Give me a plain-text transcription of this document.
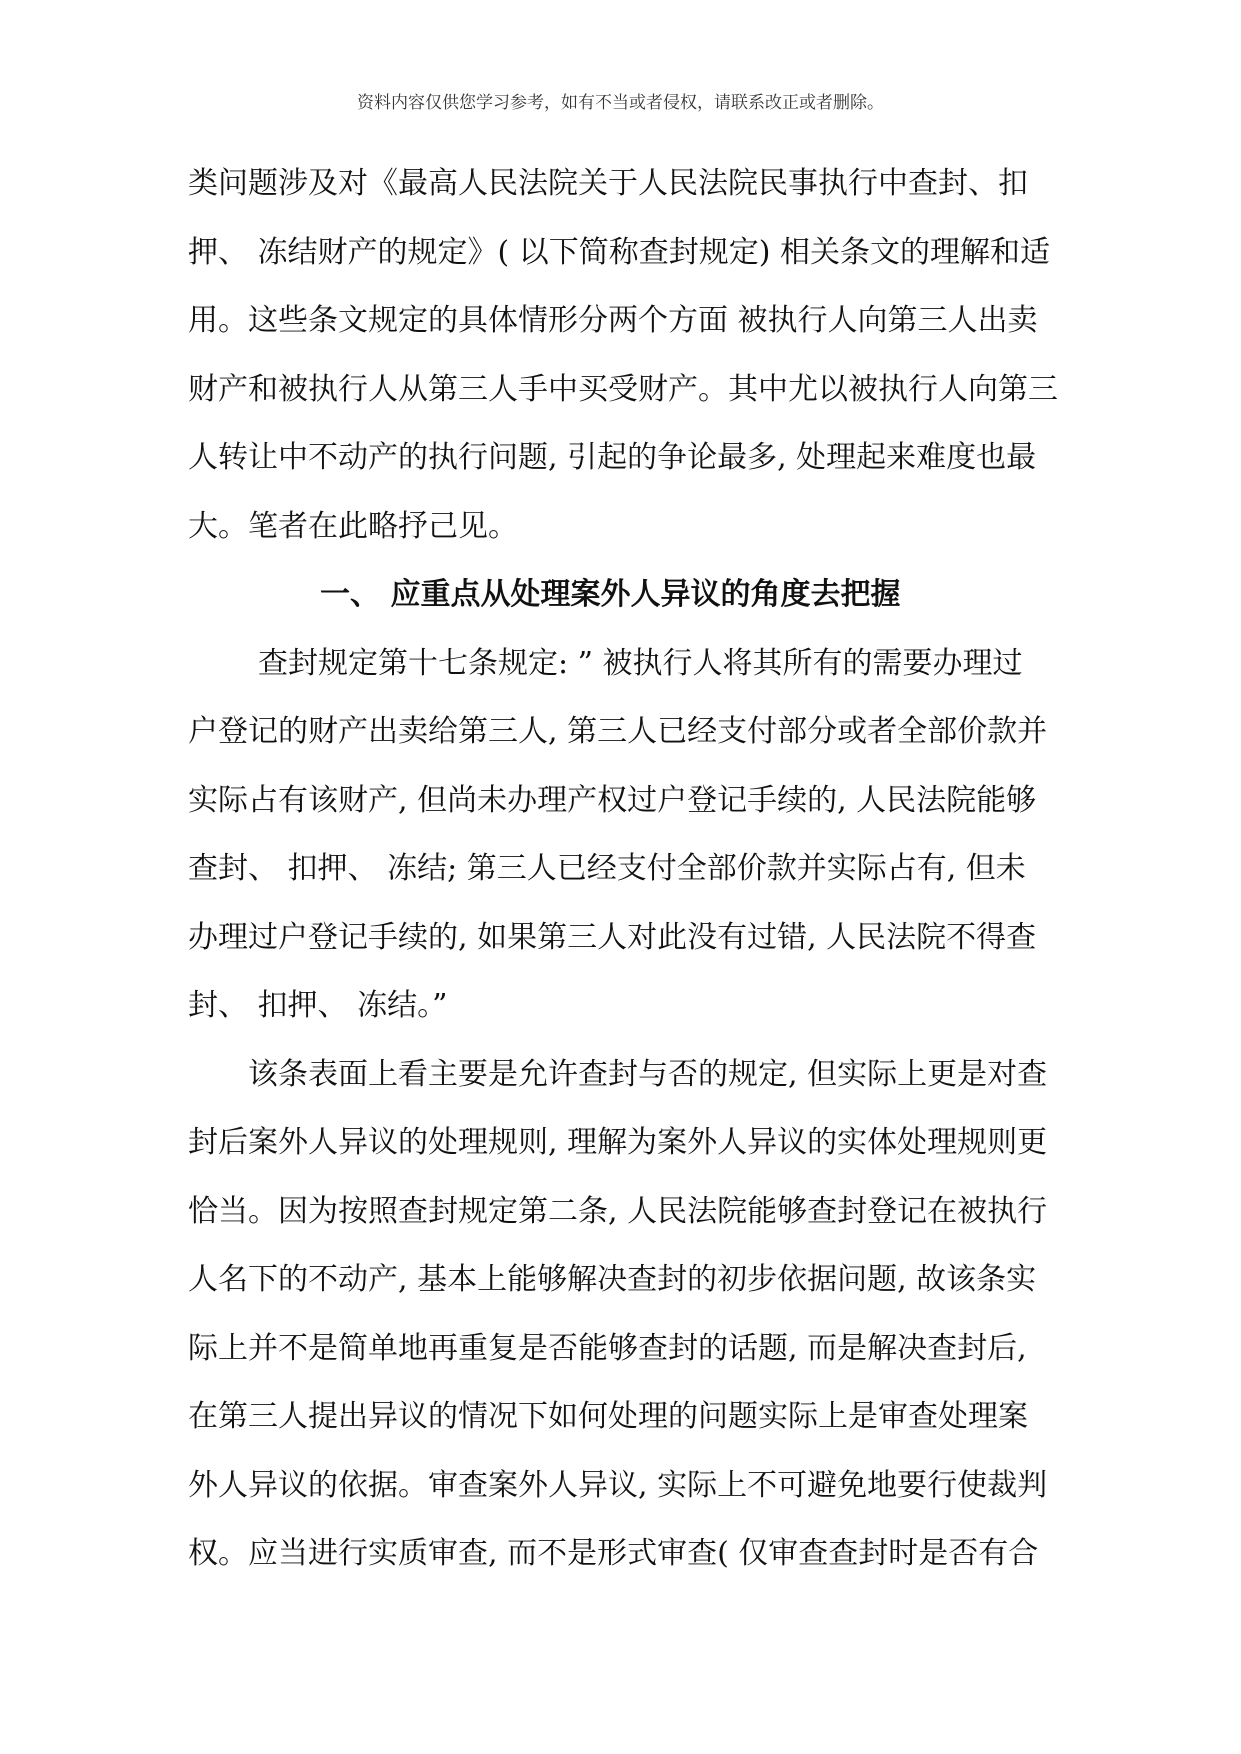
资料内容仅供您学习参考，如有不当或者侵权，请联系改正或者删除。
类问题涉及对《最高人民法院关于人民法院民事执行中查封、扣
押、 冻结财产的规定》( 以下简称查封规定) 相关条文的理解和适
用。这些条文规定的具体情形分两个方面 被执行人向第三人出卖
财产和被执行人从第三人手中买受财产。其中尤以被执行人向第三
人转让中不动产的执行问题, 引起的争论最多, 处理起来难度也最
大。笔者在此略抒己见。
一、 应重点从处理案外人异议的角度去把握
查封规定第十七条规定: ” 被执行人将其所有的需要办理过
户登记的财产出卖给第三人, 第三人已经支付部分或者全部价款并
实际占有该财产, 但尚未办理产权过户登记手续的, 人民法院能够
查封、 扣押、 冻结; 第三人已经支付全部价款并实际占有, 但未
办理过户登记手续的, 如果第三人对此没有过错, 人民法院不得查
封、 扣押、 冻结。”
该条表面上看主要是允许查封与否的规定, 但实际上更是对查
封后案外人异议的处理规则, 理解为案外人异议的实体处理规则更
恰当。因为按照查封规定第二条, 人民法院能够查封登记在被执行
人名下的不动产, 基本上能够解决查封的初步依据问题, 故该条实
际上并不是简单地再重复是否能够查封的话题, 而是解决查封后,
在第三人提出异议的情况下如何处理的问题实际上是审查处理案
外人异议的依据。审查案外人异议, 实际上不可避免地要行使裁判
权。应当进行实质审查, 而不是形式审查( 仅审查查封时是否有合
